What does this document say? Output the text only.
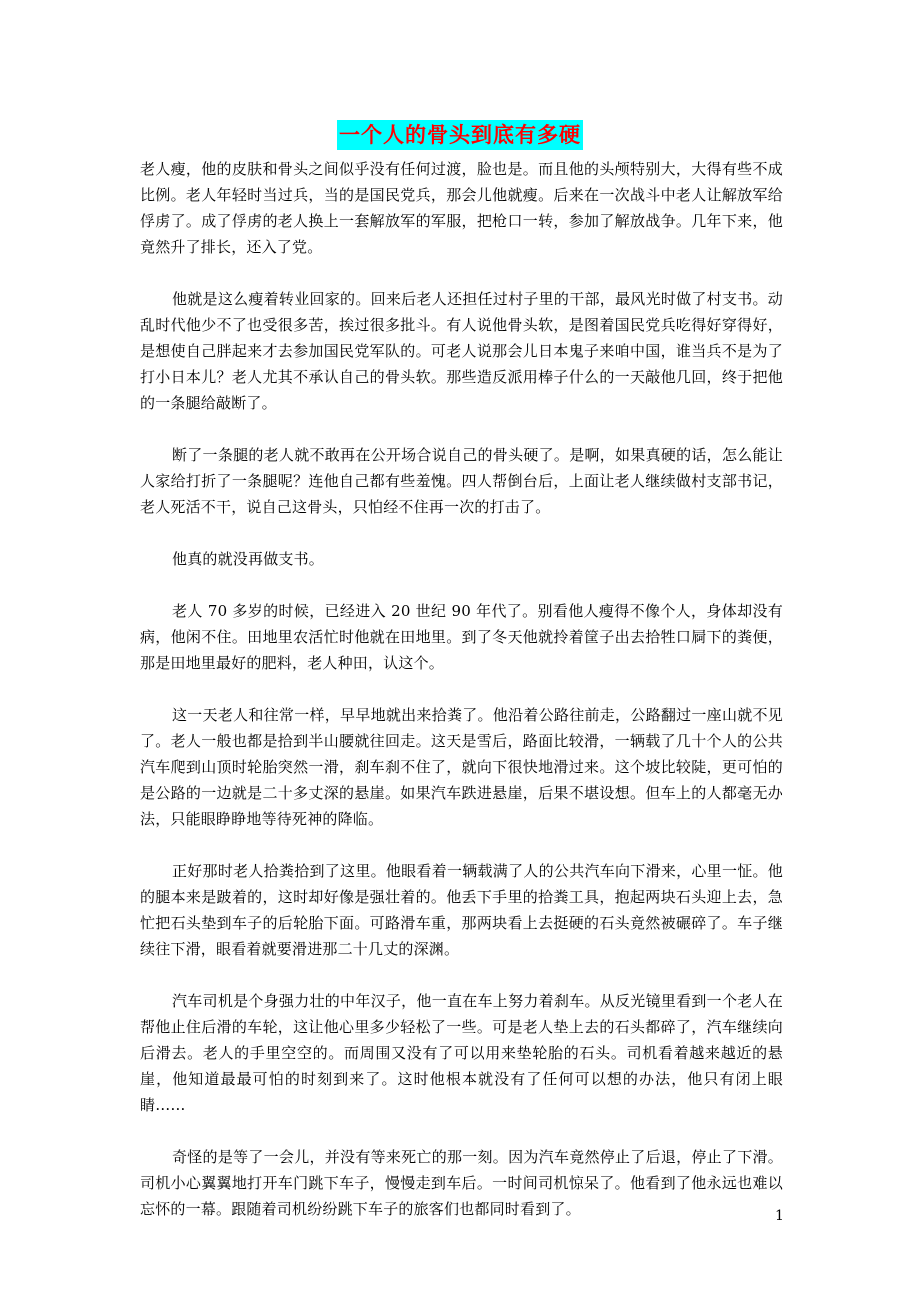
一个人的骨头到底有多硬

老人瘦，他的皮肤和骨头之间似乎没有任何过渡，脸也是。而且他的头颅特别大，大得有些不成比例。老人年轻时当过兵，当的是国民党兵，那会儿他就瘦。后来在一次战斗中老人让解放军给俘虏了。成了俘虏的老人换上一套解放军的军服，把枪口一转，参加了解放战争。几年下来，他竟然升了排长，还入了党。

他就是这么瘦着转业回家的。回来后老人还担任过村子里的干部，最风光时做了村支书。动乱时代他少不了也受很多苦，挨过很多批斗。有人说他骨头软，是图着国民党兵吃得好穿得好，是想使自己胖起来才去参加国民党军队的。可老人说那会儿日本鬼子来咱中国，谁当兵不是为了打小日本儿？老人尤其不承认自己的骨头软。那些造反派用棒子什么的一天敲他几回，终于把他的一条腿给敲断了。

断了一条腿的老人就不敢再在公开场合说自己的骨头硬了。是啊，如果真硬的话，怎么能让人家给打折了一条腿呢？连他自己都有些羞愧。四人帮倒台后，上面让老人继续做村支部书记，老人死活不干，说自己这骨头，只怕经不住再一次的打击了。

他真的就没再做支书。

老人 70 多岁的时候，已经进入 20 世纪 90 年代了。别看他人瘦得不像个人，身体却没有病，他闲不住。田地里农活忙时他就在田地里。到了冬天他就拎着筐子出去拾牲口屙下的粪便，那是田地里最好的肥料，老人种田，认这个。

这一天老人和往常一样，早早地就出来拾粪了。他沿着公路往前走，公路翻过一座山就不见了。老人一般也都是拾到半山腰就往回走。这天是雪后，路面比较滑，一辆载了几十个人的公共汽车爬到山顶时轮胎突然一滑，刹车刹不住了，就向下很快地滑过来。这个坡比较陡，更可怕的是公路的一边就是二十多丈深的悬崖。如果汽车跌进悬崖，后果不堪设想。但车上的人都毫无办法，只能眼睁睁地等待死神的降临。

正好那时老人拾粪拾到了这里。他眼看着一辆载满了人的公共汽车向下滑来，心里一怔。他的腿本来是跛着的，这时却好像是强壮着的。他丢下手里的拾粪工具，抱起两块石头迎上去，急忙把石头垫到车子的后轮胎下面。可路滑车重，那两块看上去挺硬的石头竟然被碾碎了。车子继续往下滑，眼看着就要滑进那二十几丈的深渊。

汽车司机是个身强力壮的中年汉子，他一直在车上努力着刹车。从反光镜里看到一个老人在帮他止住后滑的车轮，这让他心里多少轻松了一些。可是老人垫上去的石头都碎了，汽车继续向后滑去。老人的手里空空的。而周围又没有了可以用来垫轮胎的石头。司机看着越来越近的悬崖，他知道最最可怕的时刻到来了。这时他根本就没有了任何可以想的办法，他只有闭上眼睛……

奇怪的是等了一会儿，并没有等来死亡的那一刻。因为汽车竟然停止了后退，停止了下滑。司机小心翼翼地打开车门跳下车子，慢慢走到车后。一时间司机惊呆了。他看到了他永远也难以忘怀的一幕。跟随着司机纷纷跳下车子的旅客们也都同时看到了。	1
